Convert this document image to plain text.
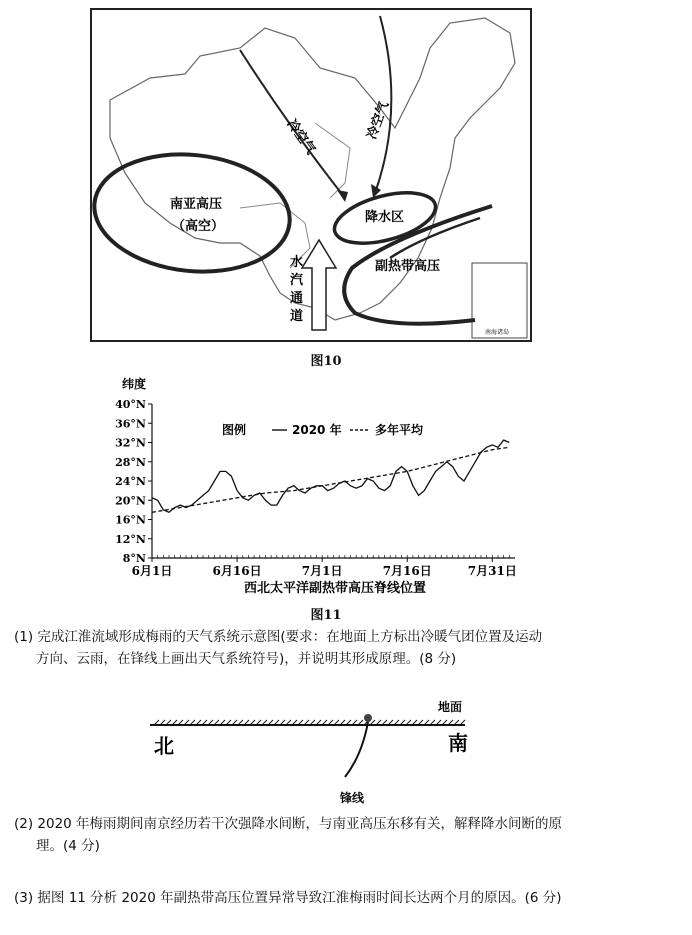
南海诸岛
南亚高压
（高空）
冷空气	冷空气
降水区
副热带高压
水汽通道
图10
纬度
8°N
12°N
16°N
20°N
24°N
28°N
32°N
36°N
40°N
6月1日	6月16日	7月1日	7月16日	7月31日
图例	2020 年	多年平均
西北太平洋副热带高压脊线位置
图11
(1) 完成江淮流域形成梅雨的天气系统示意图(要求：在地面上方标出冷暖气团位置及运动
方向、云雨，在锋线上画出天气系统符号)，并说明其形成原理。(8 分)
北	南
地面
锋线
(2) 2020 年梅雨期间南京经历若干次强降水间断，与南亚高压东移有关，解释降水间断的原
理。(4 分)
(3) 据图 11 分析 2020 年副热带高压位置异常导致江淮梅雨时间长达两个月的原因。(6 分)
